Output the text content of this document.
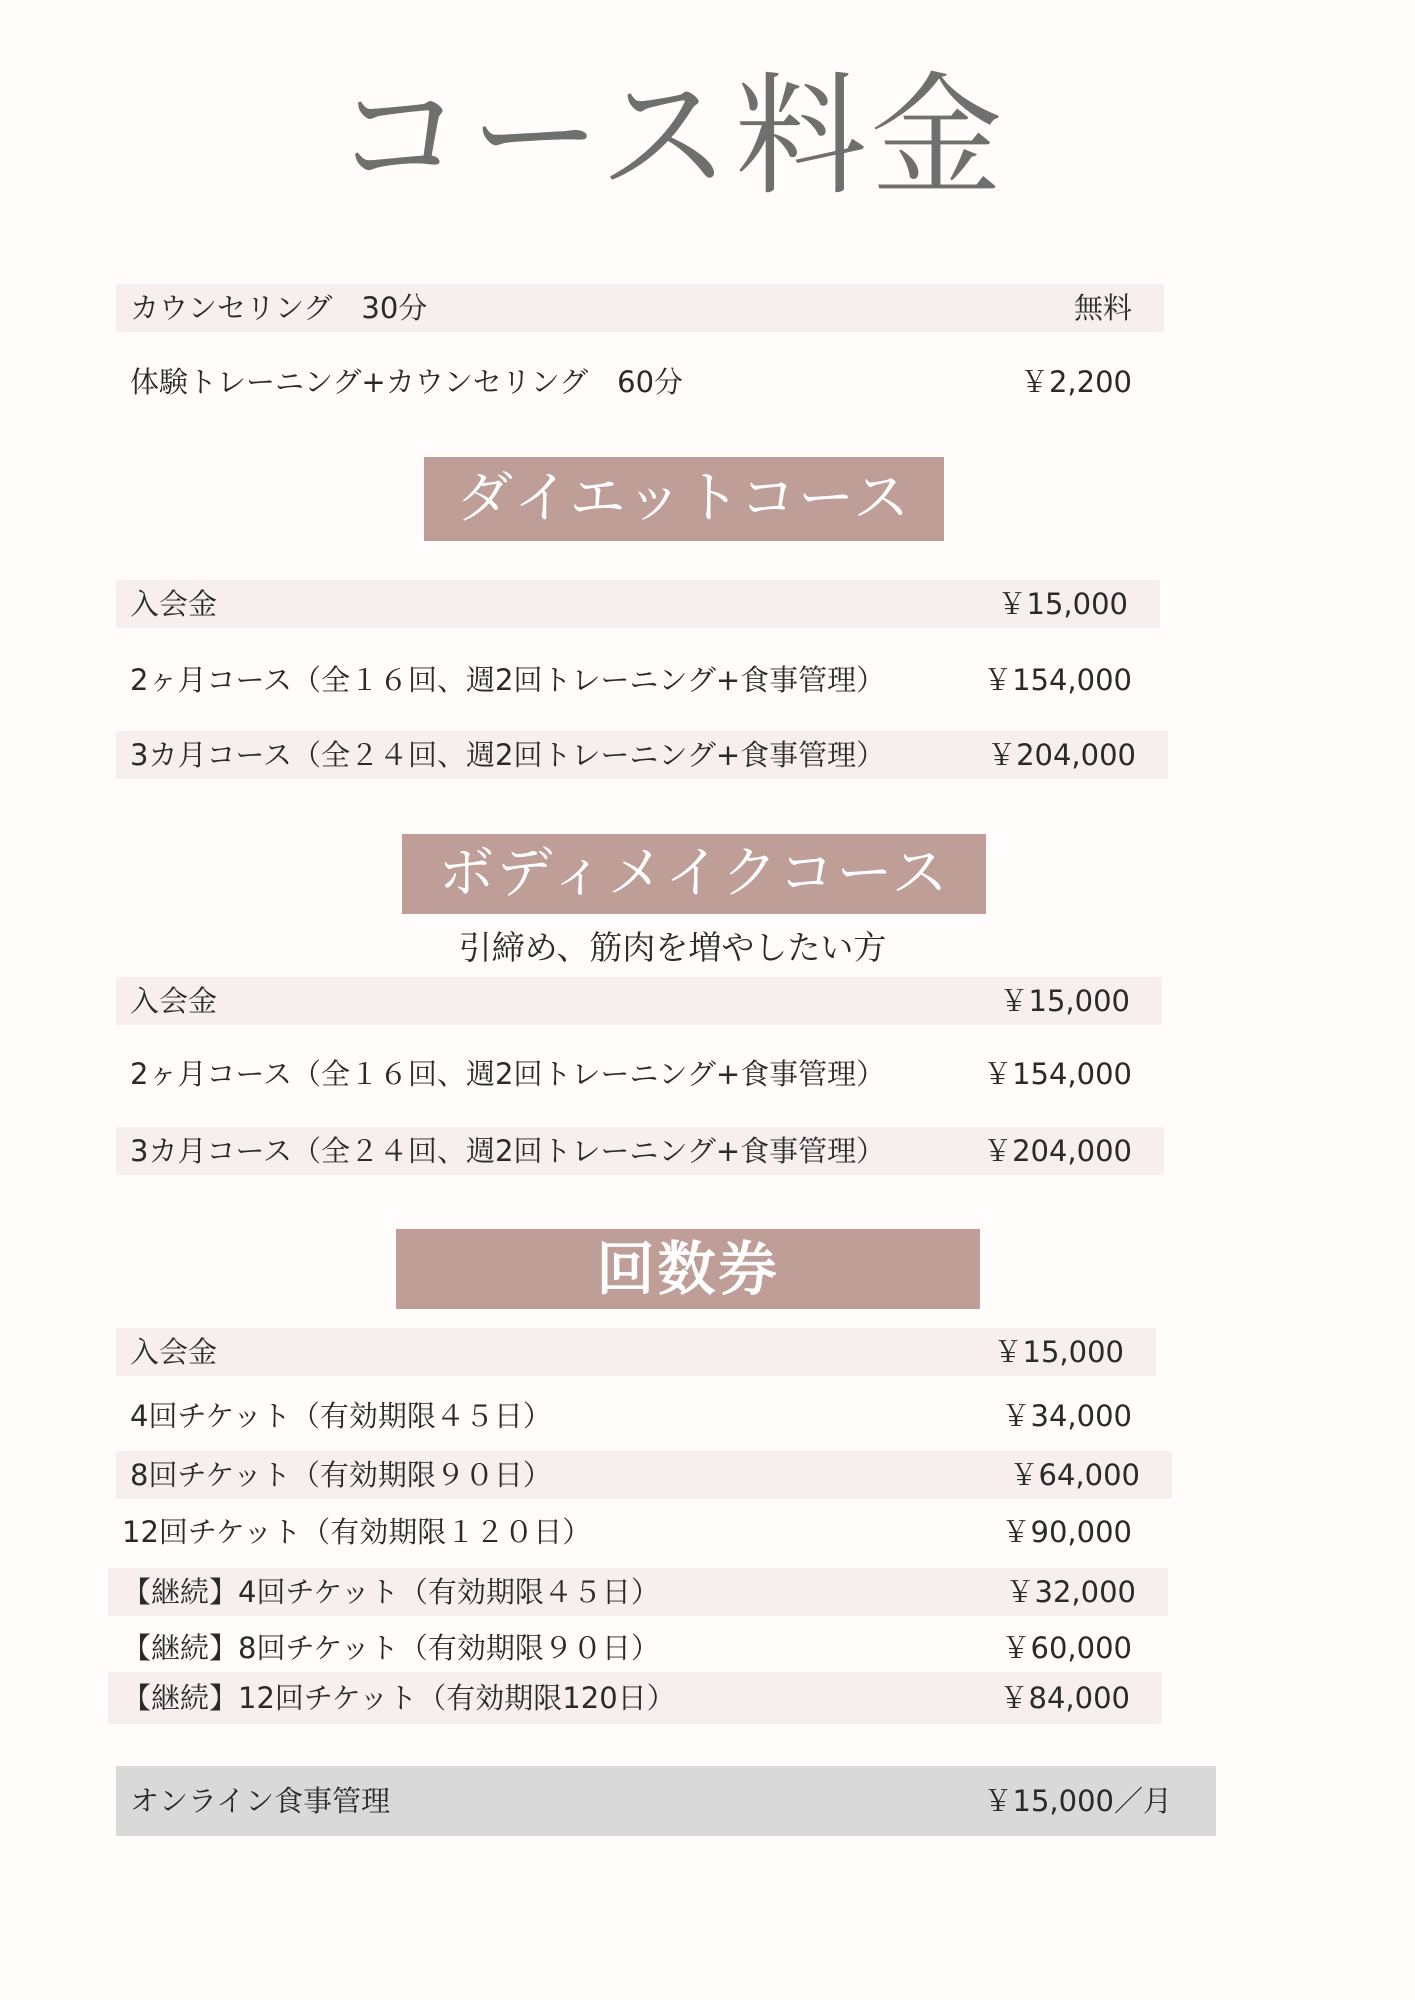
コース料金
カウンセリング　30分	無料
体験トレーニング+カウンセリング　60分	￥2,200
ダイエットコース
入会金	￥15,000
2ヶ月コース（全１６回、週2回トレーニング+食事管理）	￥154,000
3カ月コース（全２４回、週2回トレーニング+食事管理）	￥204,000
ボディメイクコース
引締め、筋肉を増やしたい方
入会金	￥15,000
2ヶ月コース（全１６回、週2回トレーニング+食事管理）	￥154,000
3カ月コース（全２４回、週2回トレーニング+食事管理）	￥204,000
回数券
入会金	￥15,000
4回チケット（有効期限４５日）	￥34,000
8回チケット（有効期限９０日）	￥64,000
12回チケット（有効期限１２０日）	￥90,000
【継続】4回チケット（有効期限４５日）	￥32,000
【継続】8回チケット（有効期限９０日）	￥60,000
【継続】12回チケット（有効期限120日）	￥84,000
オンライン食事管理	￥15,000／月
